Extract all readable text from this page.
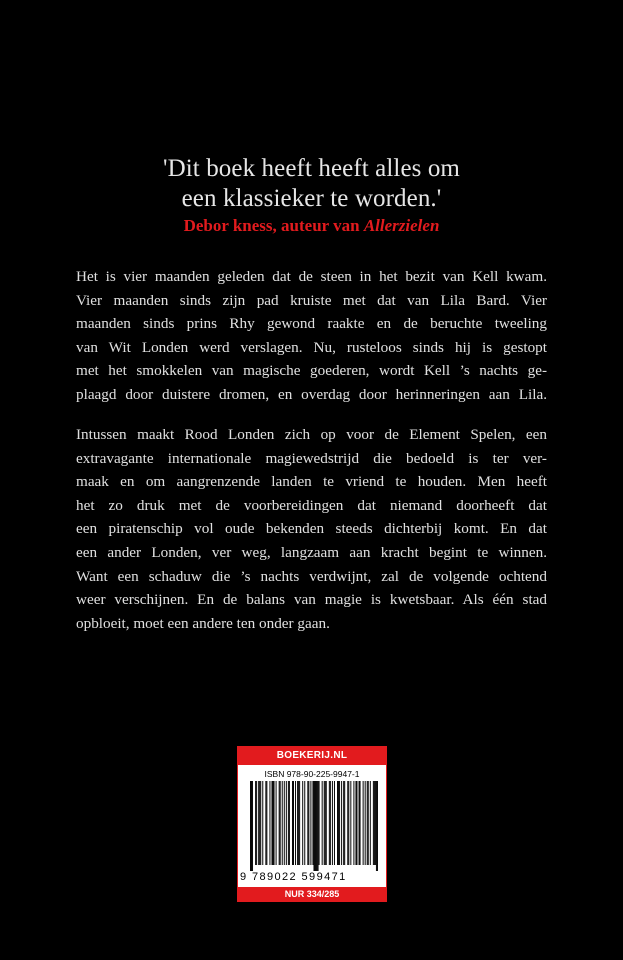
'Dit boek heeft heeft alles om
een klassieker te worden.'
Debor kness, auteur van Allerzielen
Het is vier maanden geleden dat de steen in het bezit van Kell kwam.
Vier maanden sinds zijn pad kruiste met dat van Lila Bard. Vier
maanden sinds prins Rhy gewond raakte en de beruchte tweeling
van Wit Londen werd verslagen. Nu, rusteloos sinds hij is gestopt
met het smokkelen van magische goederen, wordt Kell ’s nachts ge-
plaagd door duistere dromen, en overdag door herinneringen aan Lila.
Intussen maakt Rood Londen zich op voor de Element Spelen, een
extravagante internationale magiewedstrijd die bedoeld is ter ver-
maak en om aangrenzende landen te vriend te houden. Men heeft
het zo druk met de voorbereidingen dat niemand doorheeft dat
een piratenschip vol oude bekenden steeds dichterbij komt. En dat
een ander Londen, ver weg, langzaam aan kracht begint te winnen.
Want een schaduw die ’s nachts verdwijnt, zal de volgende ochtend
weer verschijnen. En de balans van magie is kwetsbaar. Als één stad
opbloeit, moet een andere ten onder gaan.
BOEKERIJ.NL
ISBN 978-90-225-9947-1
9 789022 599471
NUR 334/285
